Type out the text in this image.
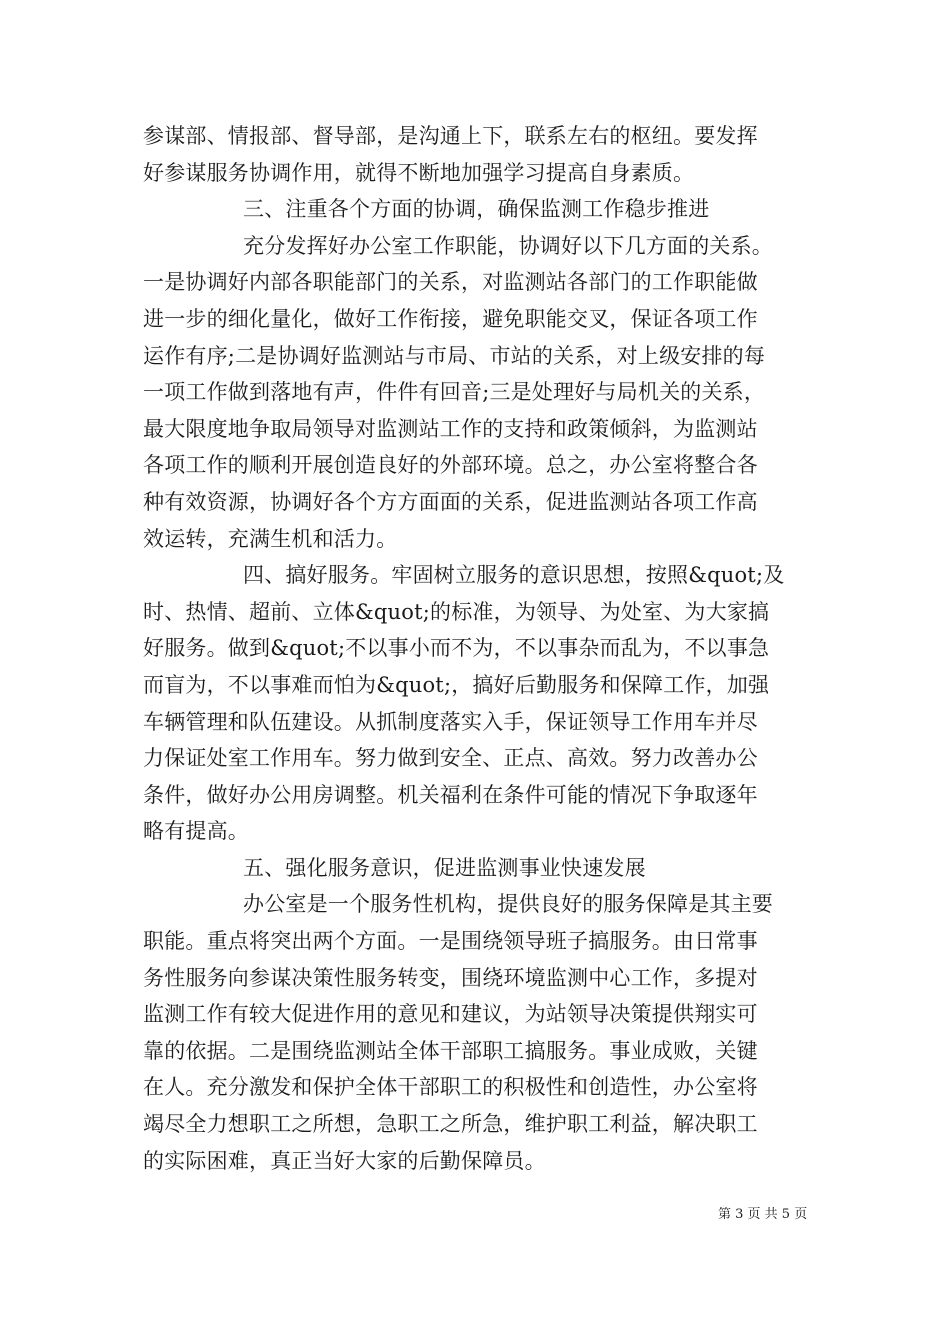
参谋部、情报部、督导部，是沟通上下，联系左右的枢纽。要发挥
好参谋服务协调作用，就得不断地加强学习提高自身素质。
三、注重各个方面的协调，确保监测工作稳步推进
充分发挥好办公室工作职能，协调好以下几方面的关系。
一是协调好内部各职能部门的关系，对监测站各部门的工作职能做
进一步的细化量化，做好工作衔接，避免职能交叉，保证各项工作
运作有序;二是协调好监测站与市局、市站的关系，对上级安排的每
一项工作做到落地有声，件件有回音;三是处理好与局机关的关系，
最大限度地争取局领导对监测站工作的支持和政策倾斜，为监测站
各项工作的顺利开展创造良好的外部环境。总之，办公室将整合各
种有效资源，协调好各个方方面面的关系，促进监测站各项工作高
效运转，充满生机和活力。
四、搞好服务。牢固树立服务的意识思想，按照&quot;及
时、热情、超前、立体&quot;的标准，为领导、为处室、为大家搞
好服务。做到&quot;不以事小而不为，不以事杂而乱为，不以事急
而盲为，不以事难而怕为&quot;，搞好后勤服务和保障工作，加强
车辆管理和队伍建设。从抓制度落实入手，保证领导工作用车并尽
力保证处室工作用车。努力做到安全、正点、高效。努力改善办公
条件，做好办公用房调整。机关福利在条件可能的情况下争取逐年
略有提高。
五、强化服务意识，促进监测事业快速发展
办公室是一个服务性机构，提供良好的服务保障是其主要
职能。重点将突出两个方面。一是围绕领导班子搞服务。由日常事
务性服务向参谋决策性服务转变，围绕环境监测中心工作，多提对
监测工作有较大促进作用的意见和建议，为站领导决策提供翔实可
靠的依据。二是围绕监测站全体干部职工搞服务。事业成败，关键
在人。充分激发和保护全体干部职工的积极性和创造性，办公室将
竭尽全力想职工之所想，急职工之所急，维护职工利益，解决职工
的实际困难，真正当好大家的后勤保障员。
第 3 页 共 5 页
